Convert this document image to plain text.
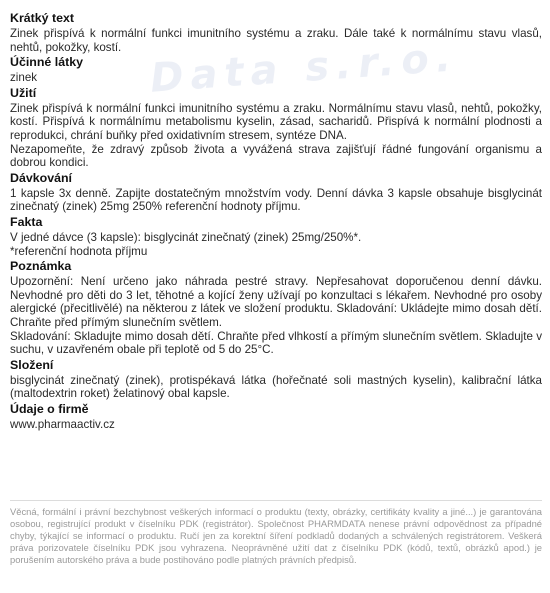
Data s.r.o.
Krátký text
Zinek přispívá k normální funkci imunitního systému a zraku. Dále také k normálnímu stavu vlasů, nehtů, pokožky, kostí.
Účinné látky
zinek
Užití
Zinek přispívá k normální funkci imunitního systému a zraku. Normálnímu stavu vlasů, nehtů, pokožky, kostí. Přispívá k normálnímu metabolismu kyselin, zásad, sacharidů. Přispívá k normální plodnosti a reprodukci, chrání buňky před oxidativním stresem, syntéze DNA.
Nezapomeňte, že zdravý způsob života a vyvážená strava zajišťují řádné fungování organismu a dobrou kondici.
Dávkování
1 kapsle 3x denně. Zapijte dostatečným množstvím vody. Denní dávka 3 kapsle obsahuje bisglycinát zinečnatý (zinek) 25mg 250% referenční hodnoty příjmu.
Fakta
V jedné dávce (3 kapsle): bisglycinát zinečnatý (zinek) 25mg/250%*.
*referenční hodnota příjmu
Poznámka
Upozornění: Není určeno jako náhrada pestré stravy. Nepřesahovat doporučenou denní dávku. Nevhodné pro děti do 3 let, těhotné a kojící ženy užívají po konzultaci s lékařem. Nevhodné pro osoby alergické (přecitlivělé) na některou z látek ve složení produktu. Skladování: Ukládejte mimo dosah dětí. Chraňte před přímým slunečním světlem.
Skladování: Skladujte mimo dosah dětí. Chraňte před vlhkostí a přímým slunečním světlem. Skladujte v suchu, v uzavřeném obale při teplotě od 5 do 25°C.
Složení
bisglycinát zinečnatý (zinek), protispékavá látka (hořečnaté soli mastných kyselin), kalibrační látka (maltodextrin roket) želatinový obal kapsle.
Údaje o firmě
www.pharmaactiv.cz
Věcná, formální i právní bezchybnost veškerých informací o produktu (texty, obrázky, certifikáty kvality a jiné...) je garantována osobou, registrující produkt v číselníku PDK (registrátor). Společnost PHARMDATA nenese právní odpovědnost za případné chyby, týkající se informací o produktu. Ručí jen za korektní šíření podkladů dodaných a schválených registrátorem. Veškerá práva porizovatele číselníku PDK jsou vyhrazena. Neoprávněné užití dat z číselníku PDK (kódů, textů, obrázků apod.) je porušením autorského práva a bude postihováno podle platných právních předpisů.
